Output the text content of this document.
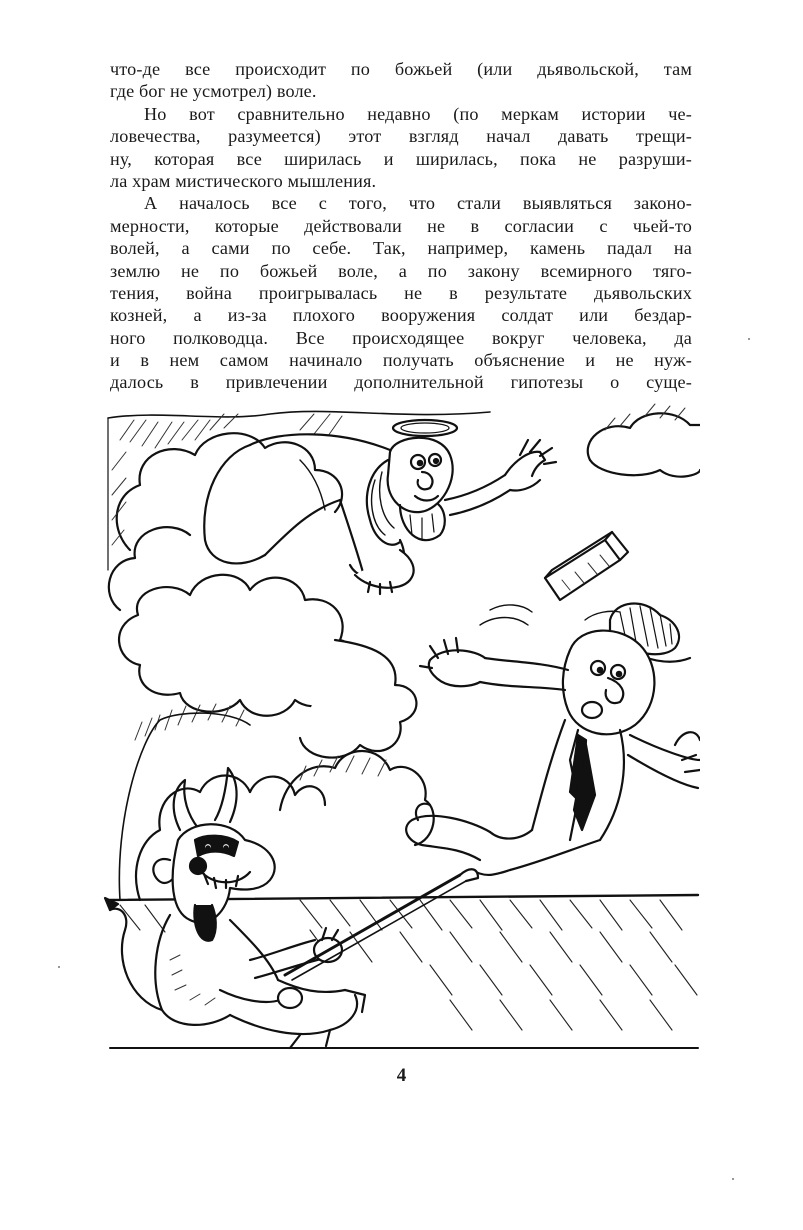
что-де все происходит по божьей (или дьявольской, там
где бог не усмотрел) воле.
Но вот сравнительно недавно (по меркам истории че-
ловечества, разумеется) этот взгляд начал давать трещи-
ну, которая все ширилась и ширилась, пока не разруши-
ла храм мистического мышления.
А началось все с того, что стали выявляться законо-
мерности, которые действовали не в согласии с чьей-то
волей, а сами по себе. Так, например, камень падал на
землю не по божьей воле, а по закону всемирного тяго-
тения, война проигрывалась не в результате дьявольских
козней, а из-за плохого вооружения солдат или бездар-
ного полководца. Все происходящее вокруг человека, да
и в нем самом начинало получать объяснение и не нуж-
далось в привлечении дополнительной гипотезы о суще-
4
